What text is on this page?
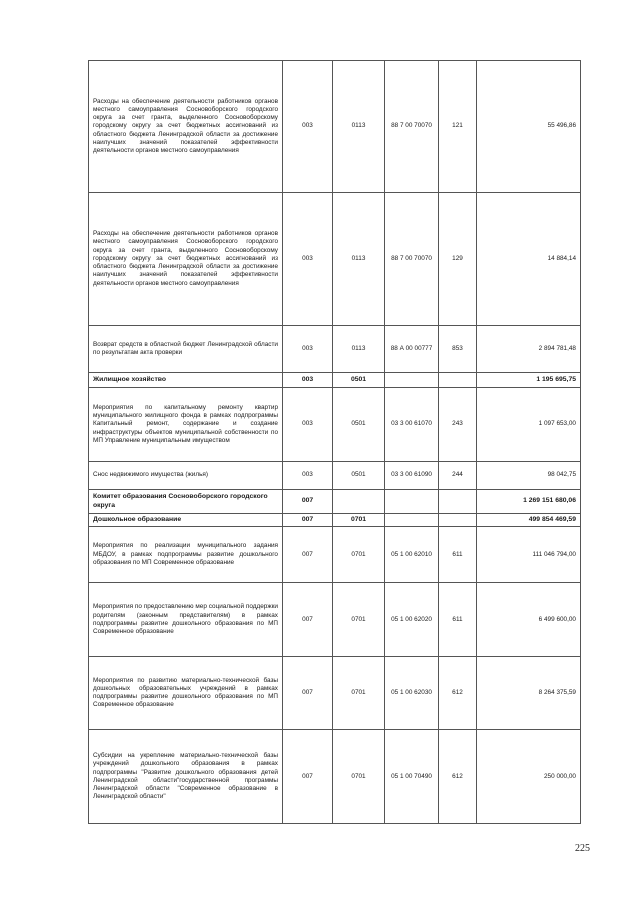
Расходы на обеспечение деятельности работников органов местного самоуправления Сосновоборского городского округа за счет гранта, выделенного Сосновоборскому городскому округу за счет бюджетных ассигнований из областного бюджета Ленинградской области за достижение наилучших значений показателей эффективности деятельности органов местного самоуправления	003	0113	88 7 00 70070	121	55 496,86
Расходы на обеспечение деятельности работников органов местного самоуправления Сосновоборского городского округа за счет гранта, выделенного Сосновоборскому городскому округу за счет бюджетных ассигнований из областного бюджета Ленинградской области за достижение наилучших значений показателей эффективности деятельности органов местного самоуправления	003	0113	88 7 00 70070	129	14 884,14
Возврат средств в областной бюджет Ленинградской области по результатам акта проверки	003	0113	88 А 00 00777	853	2 894 781,48
Жилищное хозяйство	003	0501			1 195 695,75
Мероприятия по капитальному ремонту квартир муниципального жилищного фонда в рамках подпрограммы Капитальный ремонт, содержание и создание инфраструктуры объектов муниципальной собственности по МП Управление муниципальным имуществом	003	0501	03 3 00 61070	243	1 097 653,00
Снос недвижимого имущества (жилья)	003	0501	03 3 00 61090	244	98 042,75
Комитет образования Сосновоборского городского округа	007				1 269 151 680,06
Дошкольное образование	007	0701			499 854 469,59
Мероприятия по реализации муниципального задания МБДОУ, в рамках подпрограммы развитие дошкольного образования по МП Современное образование	007	0701	05 1 00 62010	611	111 046 794,00
Мероприятия по предоставлению мер социальной поддержки родителям (законным представителям) в рамках подпрограммы развитие дошкольного образования по МП Современное образование	007	0701	05 1 00 62020	611	6 499 600,00
Мероприятия по развитию материально-технической базы дошкольных образовательных учреждений в рамках подпрограммы развитие дошкольного образования по МП Современное образование	007	0701	05 1 00 62030	612	8 264 375,59
Субсидии на укрепление материально-технической базы учреждений дошкольного образования в рамках подпрограммы "Развитие дошкольного образования детей Ленинградской области"государственной программы Ленинградской области "Современное образование в Ленинградской области"	007	0701	05 1 00 70490	612	250 000,00
225
